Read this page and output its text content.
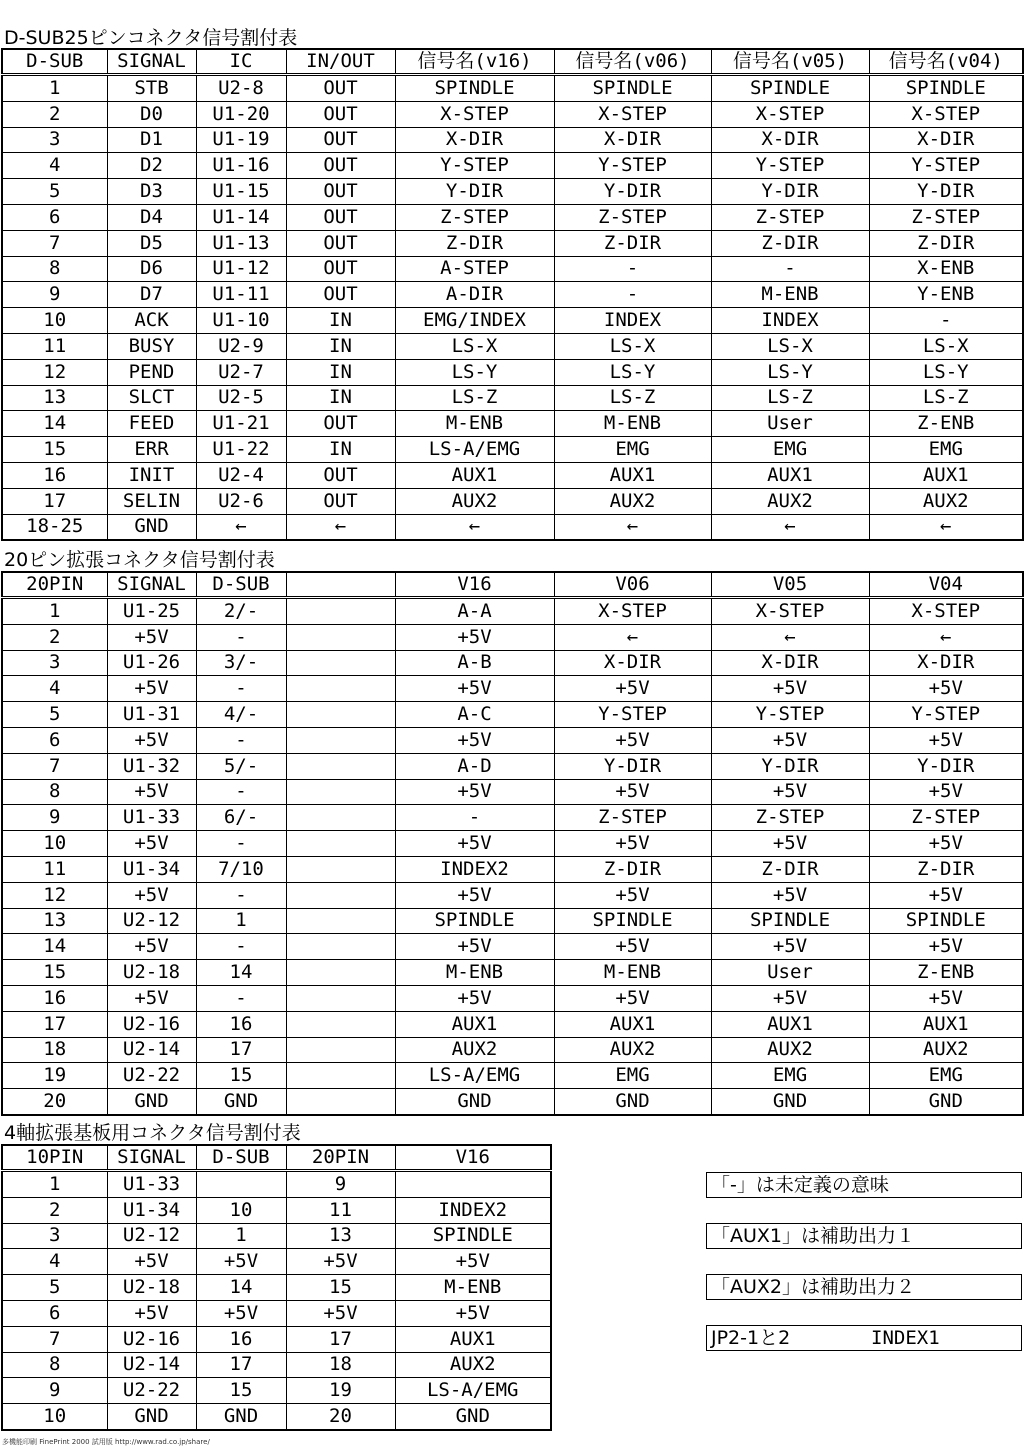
D-SUB25ピンコネクタ信号割付表
D-SUB	SIGNAL	IC	IN/OUT	信号名(v16)	信号名(v06)	信号名(v05)	信号名(v04)
1	STB	U2-8	OUT	SPINDLE	SPINDLE	SPINDLE	SPINDLE
2	D0	U1-20	OUT	X-STEP	X-STEP	X-STEP	X-STEP
3	D1	U1-19	OUT	X-DIR	X-DIR	X-DIR	X-DIR
4	D2	U1-16	OUT	Y-STEP	Y-STEP	Y-STEP	Y-STEP
5	D3	U1-15	OUT	Y-DIR	Y-DIR	Y-DIR	Y-DIR
6	D4	U1-14	OUT	Z-STEP	Z-STEP	Z-STEP	Z-STEP
7	D5	U1-13	OUT	Z-DIR	Z-DIR	Z-DIR	Z-DIR
8	D6	U1-12	OUT	A-STEP	-	-	X-ENB
9	D7	U1-11	OUT	A-DIR	-	M-ENB	Y-ENB
10	ACK	U1-10	IN	EMG/INDEX	INDEX	INDEX	-
11	BUSY	U2-9	IN	LS-X	LS-X	LS-X	LS-X
12	PEND	U2-7	IN	LS-Y	LS-Y	LS-Y	LS-Y
13	SLCT	U2-5	IN	LS-Z	LS-Z	LS-Z	LS-Z
14	FEED	U1-21	OUT	M-ENB	M-ENB	User	Z-ENB
15	ERR	U1-22	IN	LS-A/EMG	EMG	EMG	EMG
16	INIT	U2-4	OUT	AUX1	AUX1	AUX1	AUX1
17	SELIN	U2-6	OUT	AUX2	AUX2	AUX2	AUX2
18-25	GND	←	←	←	←	←	←
20ピン拡張コネクタ信号割付表
20PIN	SIGNAL	D-SUB		V16	V06	V05	V04
1	U1-25	2/-		A-A	X-STEP	X-STEP	X-STEP
2	+5V	-		+5V	←	←	←
3	U1-26	3/-		A-B	X-DIR	X-DIR	X-DIR
4	+5V	-		+5V	+5V	+5V	+5V
5	U1-31	4/-		A-C	Y-STEP	Y-STEP	Y-STEP
6	+5V	-		+5V	+5V	+5V	+5V
7	U1-32	5/-		A-D	Y-DIR	Y-DIR	Y-DIR
8	+5V	-		+5V	+5V	+5V	+5V
9	U1-33	6/-		-	Z-STEP	Z-STEP	Z-STEP
10	+5V	-		+5V	+5V	+5V	+5V
11	U1-34	7/10		INDEX2	Z-DIR	Z-DIR	Z-DIR
12	+5V	-		+5V	+5V	+5V	+5V
13	U2-12	1		SPINDLE	SPINDLE	SPINDLE	SPINDLE
14	+5V	-		+5V	+5V	+5V	+5V
15	U2-18	14		M-ENB	M-ENB	User	Z-ENB
16	+5V	-		+5V	+5V	+5V	+5V
17	U2-16	16		AUX1	AUX1	AUX1	AUX1
18	U2-14	17		AUX2	AUX2	AUX2	AUX2
19	U2-22	15		LS-A/EMG	EMG	EMG	EMG
20	GND	GND		GND	GND	GND	GND
4軸拡張基板用コネクタ信号割付表
10PIN	SIGNAL	D-SUB	20PIN	V16
1	U1-33		9	
2	U1-34	10	11	INDEX2
3	U2-12	1	13	SPINDLE
4	+5V	+5V	+5V	+5V
5	U2-18	14	15	M-ENB
6	+5V	+5V	+5V	+5V
7	U2-16	16	17	AUX1
8	U2-14	17	18	AUX2
9	U2-22	15	19	LS-A/EMG
10	GND	GND	20	GND
「-」は未定義の意味
「AUX1」は補助出力１
「AUX2」は補助出力２
JP2-1と2	INDEX1
多機能印刷 FinePrint 2000 試用版 http://www.rad.co.jp/share/
